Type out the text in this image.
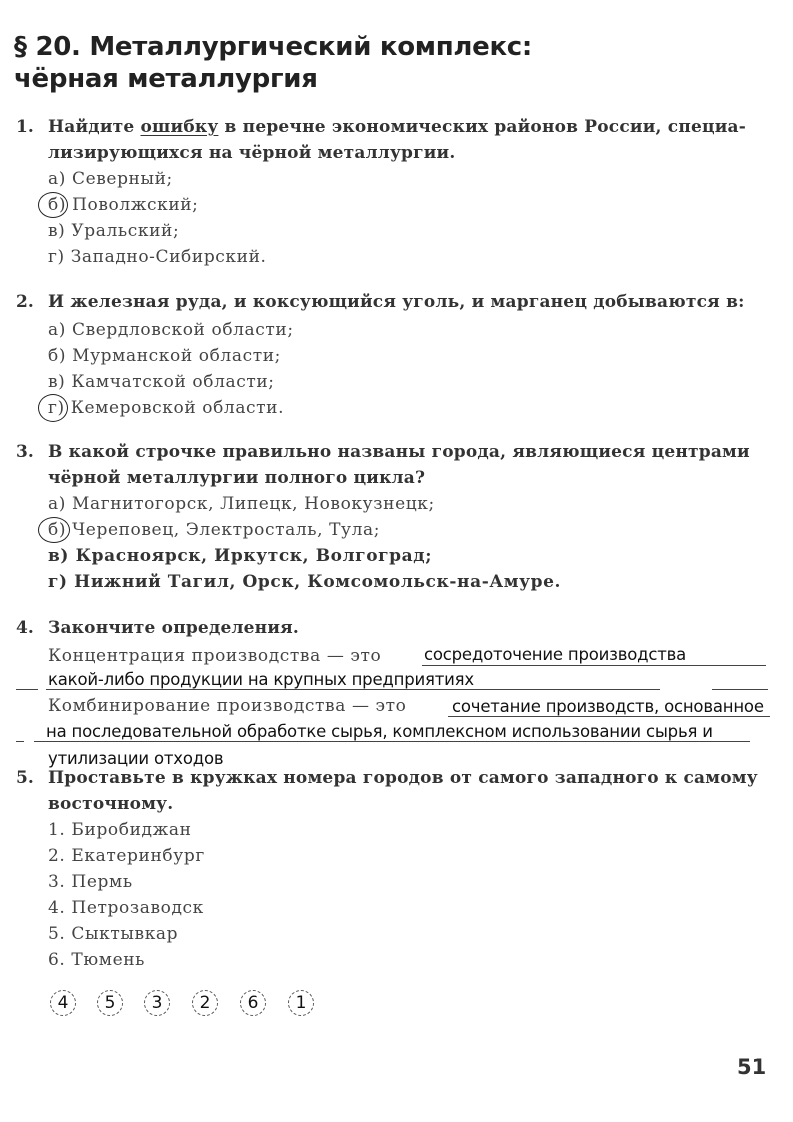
§ 20. Металлургический комплекс:
чёрная металлургия
1. Найдите ошибку в перечне экономических районов России, специа-
лизирующихся на чёрной металлургии.
а) Северный;
б) Поволжский;
в) Уральский;
г) Западно-Сибирский.
2. И железная руда, и коксующийся уголь, и марганец добываются в:
а) Свердловской области;
б) Мурманской области;
в) Камчатской области;
г) Кемеровской области.
3. В какой строчке правильно названы города, являющиеся центрами
чёрной металлургии полного цикла?
а) Магнитогорск, Липецк, Новокузнецк;
б) Череповец, Электросталь, Тула;
в) Красноярск, Иркутск, Волгоград;
г) Нижний Тагил, Орск, Комсомольск-на-Амуре.
4. Закончите определения.
Концентрация производства — это	сосредоточение производства
какой-либо продукции на крупных предприятиях
Комбинирование производства — это	сочетание производств, основанное
на последовательной обработке сырья, комплексном использовании сырья и
утилизации отходов
5. Проставьте в кружках номера городов от самого западного к самому
восточному.
1. Биробиджан
2. Екатеринбург
3. Пермь
4. Петрозаводск
5. Сыктывкар
6. Тюмень
4	5	3	2	6	1
51
